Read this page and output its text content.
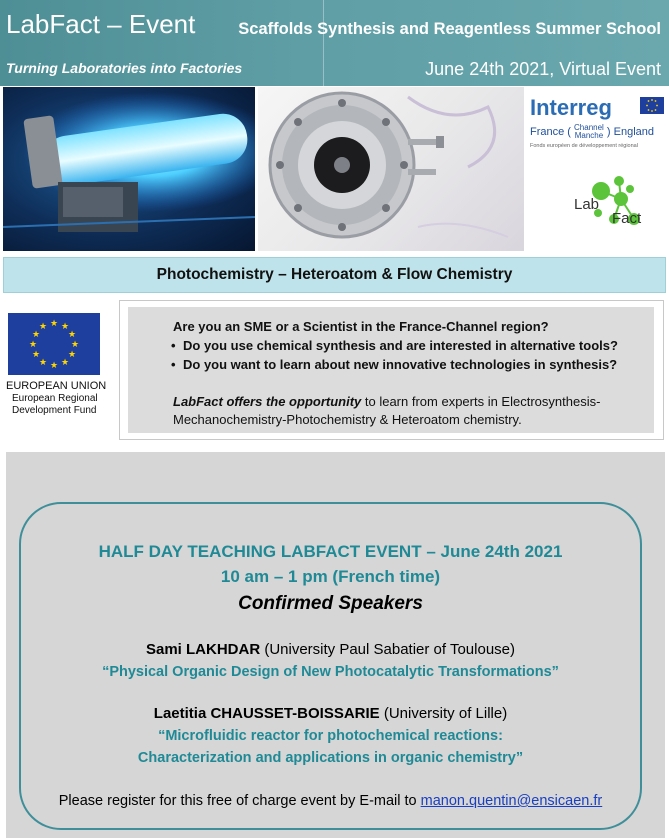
LabFact – Event
Turning Laboratories into Factories
Scaffolds Synthesis and Reagentless Summer School
June 24th 2021, Virtual Event
Interreg
France ( Channel
Manche ) England
Fonds européen de développement régional
Lab
Fact
Photochemistry – Heteroatom & Flow Chemistry
★ ★
★
★
★
★
★
★
★
★
★
★
EUROPEAN UNION
European Regional
Development Fund
Are you an SME or a Scientist in the France-Channel region?
• Do you use chemical synthesis and are interested in alternative tools?
• Do you want to learn about new innovative technologies in synthesis?
LabFact offers the opportunity to learn from experts in Electrosynthesis-Mechanochemistry-Photochemistry & Heteroatom chemistry.
HALF DAY TEACHING LABFACT EVENT – June 24th 2021
10 am – 1 pm (French time)
Confirmed Speakers
Sami LAKHDAR (University Paul Sabatier of Toulouse)
“Physical Organic Design of New Photocatalytic Transformations”
Laetitia CHAUSSET-BOISSARIE (University of Lille)
“Microfluidic reactor for photochemical reactions:
Characterization and applications in organic chemistry”
Please register for this free of charge event by E-mail to manon.quentin@ensicaen.fr
